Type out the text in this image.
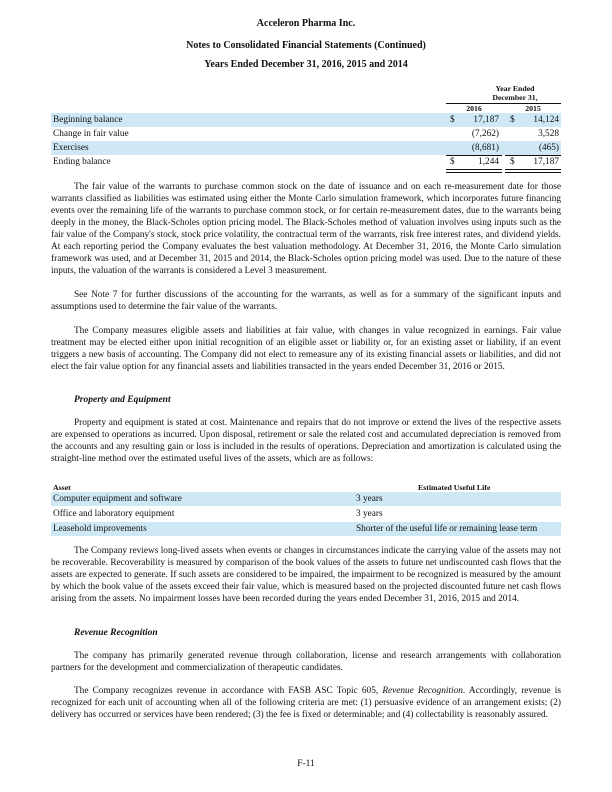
Acceleron Pharma Inc.
Notes to Consolidated Financial Statements (Continued)
Years Ended December 31, 2016, 2015 and 2014
Year Ended
December 31,
2016	2015
Beginning balance	$ 17,187 $ 14,124
Change in fair value	(7,262)	3,528
Exercises	(8,681)	(465)
Ending balance	$	1,244 $ 17,187
The fair value of the warrants to purchase common stock on the date of issuance and on each re-measurement date for those warrants classified as liabilities was estimated using either the Monte Carlo simulation framework, which incorporates future financing events over the remaining life of the warrants to purchase common stock, or for certain re-measurement dates, due to the warrants being deeply in the money, the Black-Scholes option pricing model. The Black-Scholes method of valuation involves using inputs such as the fair value of the Company's stock, stock price volatility, the contractual term of the warrants, risk free interest rates, and dividend yields. At each reporting period the Company evaluates the best valuation methodology. At December 31, 2016, the Monte Carlo simulation framework was used, and at December 31, 2015 and 2014, the Black-Scholes option pricing model was used. Due to the nature of these inputs, the valuation of the warrants is considered a Level 3 measurement.
See Note 7 for further discussions of the accounting for the warrants, as well as for a summary of the significant inputs and assumptions used to determine the fair value of the warrants.
The Company measures eligible assets and liabilities at fair value, with changes in value recognized in earnings. Fair value treatment may be elected either upon initial recognition of an eligible asset or liability or, for an existing asset or liability, if an event triggers a new basis of accounting. The Company did not elect to remeasure any of its existing financial assets or liabilities, and did not elect the fair value option for any financial assets and liabilities transacted in the years ended December 31, 2016 or 2015.
Property and Equipment
Property and equipment is stated at cost. Maintenance and repairs that do not improve or extend the lives of the respective assets are expensed to operations as incurred. Upon disposal, retirement or sale the related cost and accumulated depreciation is removed from the accounts and any resulting gain or loss is included in the results of operations. Depreciation and amortization is calculated using the straight-line method over the estimated useful lives of the assets, which are as follows:
Asset	Estimated Useful Life
Computer equipment and software	3 years
Office and laboratory equipment	3 years
Leasehold improvements	Shorter of the useful life or remaining lease term
The Company reviews long-lived assets when events or changes in circumstances indicate the carrying value of the assets may not be recoverable. Recoverability is measured by comparison of the book values of the assets to future net undiscounted cash flows that the assets are expected to generate. If such assets are considered to be impaired, the impairment to be recognized is measured by the amount by which the book value of the assets exceed their fair value, which is measured based on the projected discounted future net cash flows arising from the assets. No impairment losses have been recorded during the years ended December 31, 2016, 2015 and 2014.
Revenue Recognition
The company has primarily generated revenue through collaboration, license and research arrangements with collaboration partners for the development and commercialization of therapeutic candidates.
The Company recognizes revenue in accordance with FASB ASC Topic 605, Revenue Recognition. Accordingly, revenue is recognized for each unit of accounting when all of the following criteria are met: (1) persuasive evidence of an arrangement exists; (2) delivery has occurred or services have been rendered; (3) the fee is fixed or determinable; and (4) collectability is reasonably assured.
F-11
